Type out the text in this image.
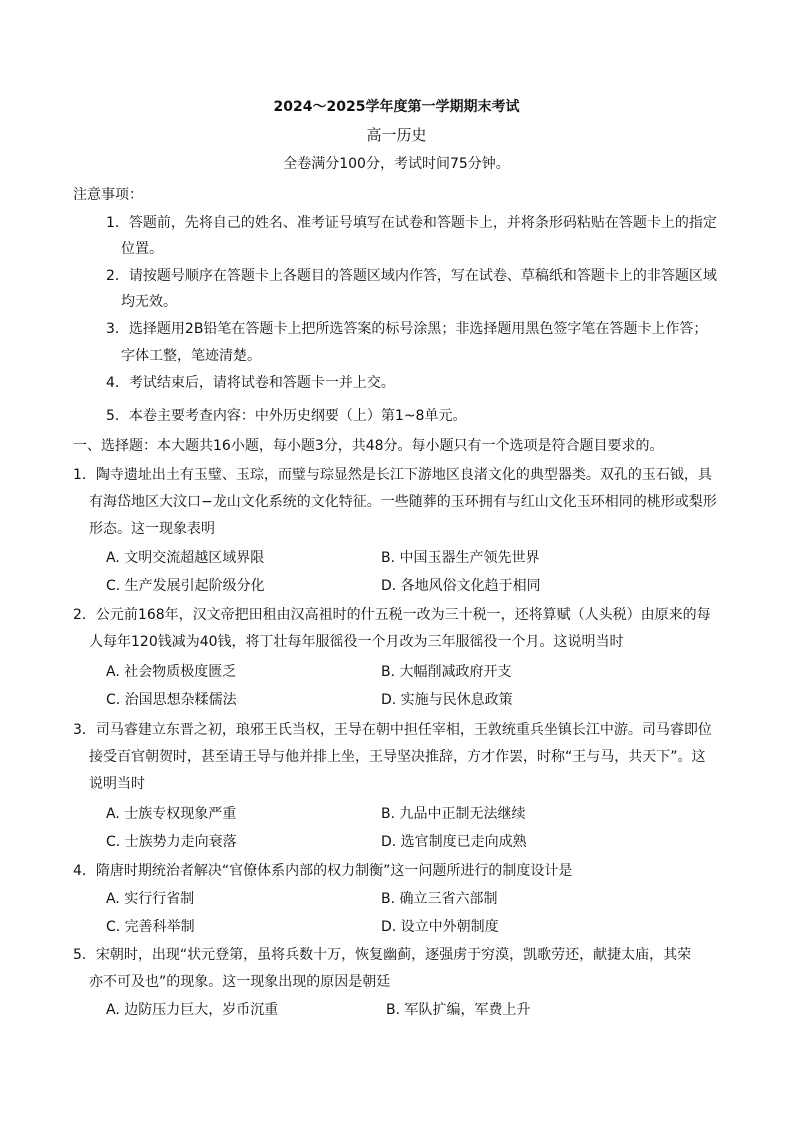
2024～2025学年度第一学期期末考试
高一历史
全卷满分100分，考试时间75分钟。
注意事项：
1．答题前，先将自己的姓名、准考证号填写在试卷和答题卡上，并将条形码粘贴在答题卡上的指定
位置。
2．请按题号顺序在答题卡上各题目的答题区域内作答，写在试卷、草稿纸和答题卡上的非答题区域
均无效。
3．选择题用2B铅笔在答题卡上把所选答案的标号涂黑；非选择题用黑色签字笔在答题卡上作答；
字体工整，笔迹清楚。
4．考试结束后，请将试卷和答题卡一并上交。
5．本卷主要考查内容：中外历史纲要（上）第1~8单元。
一、选择题：本大题共16小题，每小题3分，共48分。每小题只有一个选项是符合题目要求的。
1．陶寺遗址出土有玉璧、玉琮，而璧与琮显然是长江下游地区良渚文化的典型器类。双孔的玉石钺，具
有海岱地区大汶口−龙山文化系统的文化特征。一些随葬的玉环拥有与红山文化玉环相同的桃形或梨形
形态。这一现象表明
A. 文明交流超越区域界限	B. 中国玉器生产领先世界
C. 生产发展引起阶级分化	D. 各地风俗文化趋于相同
2．公元前168年，汉文帝把田租由汉高祖时的什五税一改为三十税一，还将算赋（人头税）由原来的每
人每年120钱减为40钱，将丁壮每年服徭役一个月改为三年服徭役一个月。这说明当时
A. 社会物质极度匮乏	B. 大幅削减政府开支
C. 治国思想杂糅儒法	D. 实施与民休息政策
3．司马睿建立东晋之初，琅邪王氏当权，王导在朝中担任宰相，王敦统重兵坐镇长江中游。司马睿即位
接受百官朝贺时，甚至请王导与他并排上坐，王导坚决推辞，方才作罢，时称“王与马，共天下”。这
说明当时
A. 士族专权现象严重	B. 九品中正制无法继续
C. 士族势力走向衰落	D. 选官制度已走向成熟
4．隋唐时期统治者解决“官僚体系内部的权力制衡”这一问题所进行的制度设计是
A. 实行行省制	B. 确立三省六部制
C. 完善科举制	D. 设立中外朝制度
5．宋朝时，出现“状元登第，虽将兵数十万，恢复幽蓟，逐强虏于穷漠，凯歌劳还，献捷太庙，其荣
亦不可及也”的现象。这一现象出现的原因是朝廷
A. 边防压力巨大，岁币沉重	B. 军队扩编，军费上升
